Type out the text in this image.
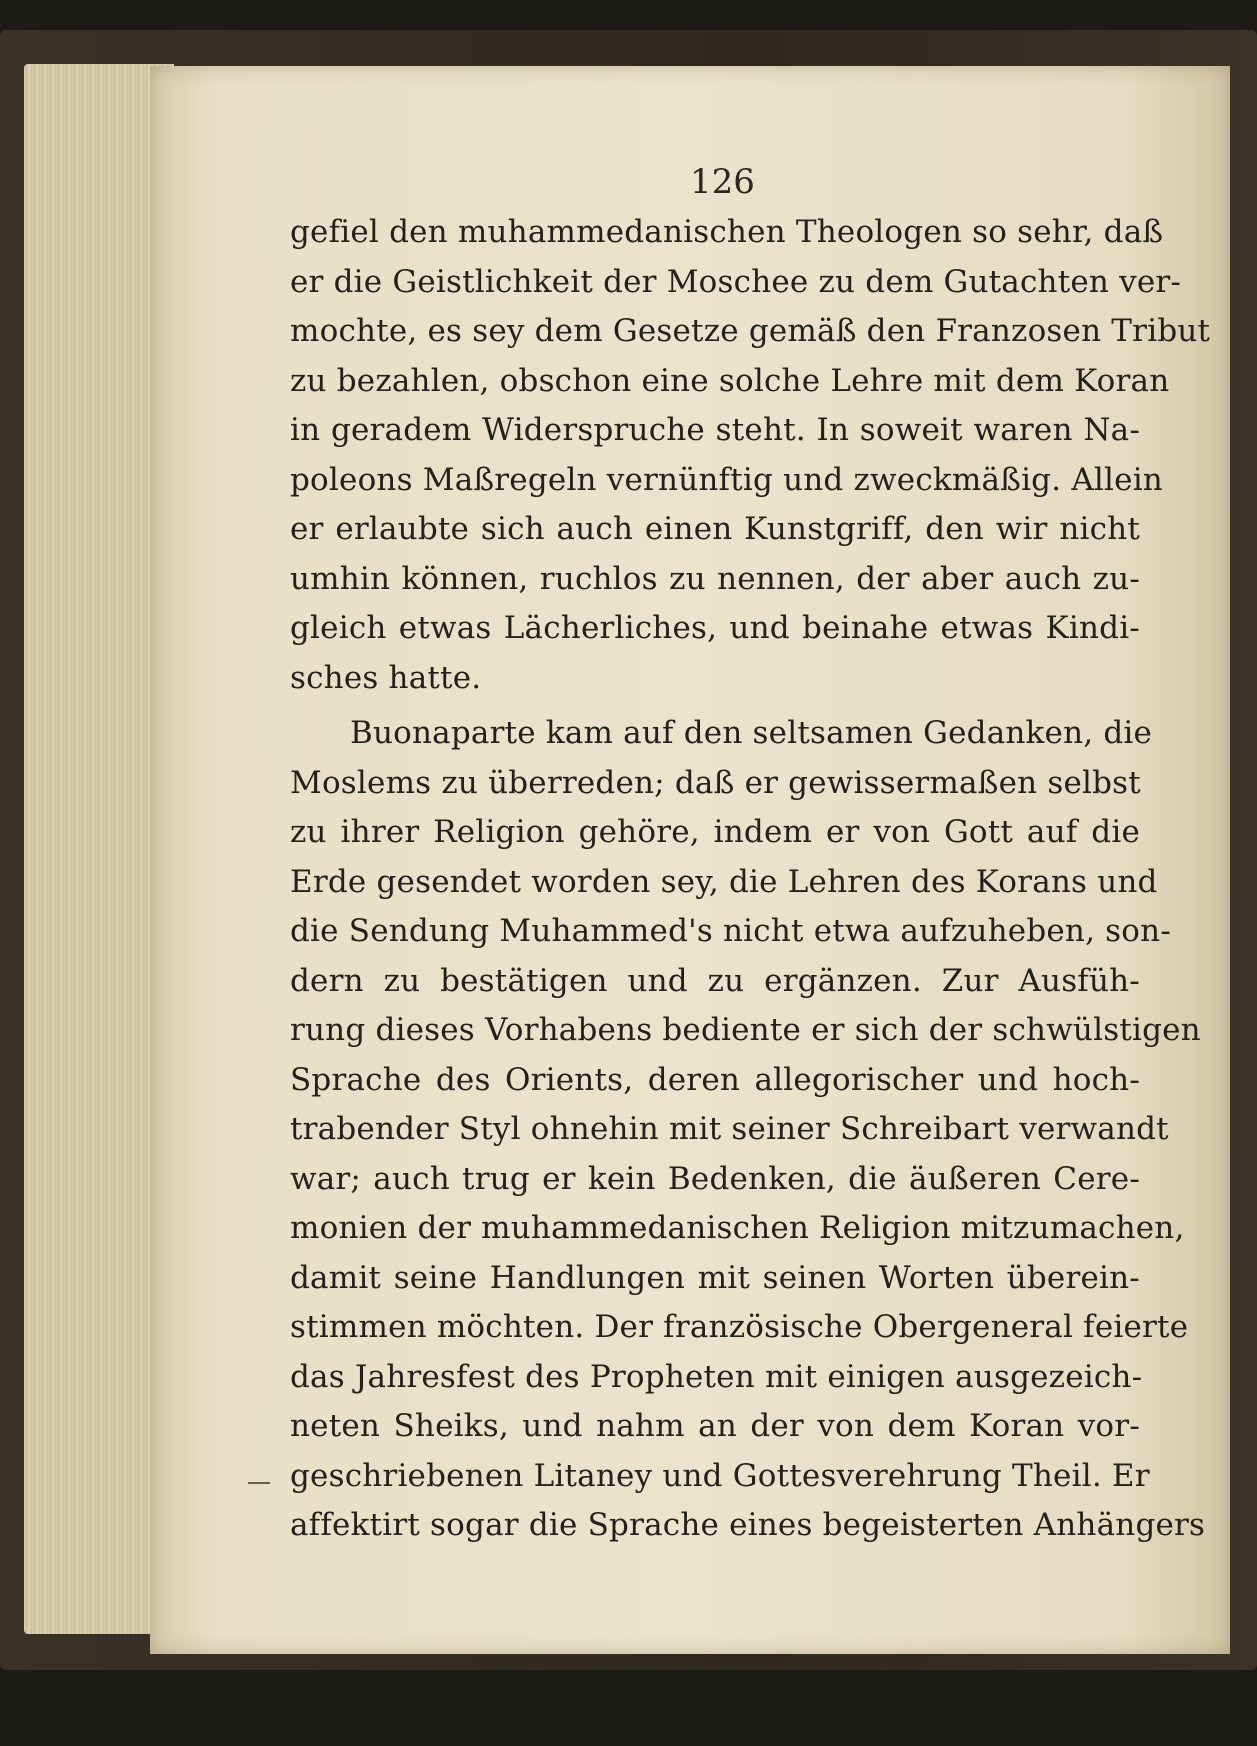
126
gefiel den muhammedanischen Theologen so sehr, daß
er die Geistlichkeit der Moschee zu dem Gutachten ver-
mochte, es sey dem Gesetze gemäß den Franzosen Tribut
zu bezahlen, obschon eine solche Lehre mit dem Koran
in geradem Widerspruche steht. In soweit waren Na-
poleons Maßregeln vernünftig und zweckmäßig. Allein
er erlaubte sich auch einen Kunstgriff, den wir nicht
umhin können, ruchlos zu nennen, der aber auch zu-
gleich etwas Lächerliches, und beinahe etwas Kindi-
sches hatte.
Buonaparte kam auf den seltsamen Gedanken, die
Moslems zu überreden; daß er gewissermaßen selbst
zu ihrer Religion gehöre, indem er von Gott auf die
Erde gesendet worden sey, die Lehren des Korans und
die Sendung Muhammed's nicht etwa aufzuheben, son-
dern zu bestätigen und zu ergänzen. Zur Ausfüh-
rung dieses Vorhabens bediente er sich der schwülstigen
Sprache des Orients, deren allegorischer und hoch-
trabender Styl ohnehin mit seiner Schreibart verwandt
war; auch trug er kein Bedenken, die äußeren Cere-
monien der muhammedanischen Religion mitzumachen,
damit seine Handlungen mit seinen Worten überein-
stimmen möchten. Der französische Obergeneral feierte
das Jahresfest des Propheten mit einigen ausgezeich-
neten Sheiks, und nahm an der von dem Koran vor-
geschriebenen Litaney und Gottesverehrung Theil. Er
affektirt sogar die Sprache eines begeisterten Anhängers
